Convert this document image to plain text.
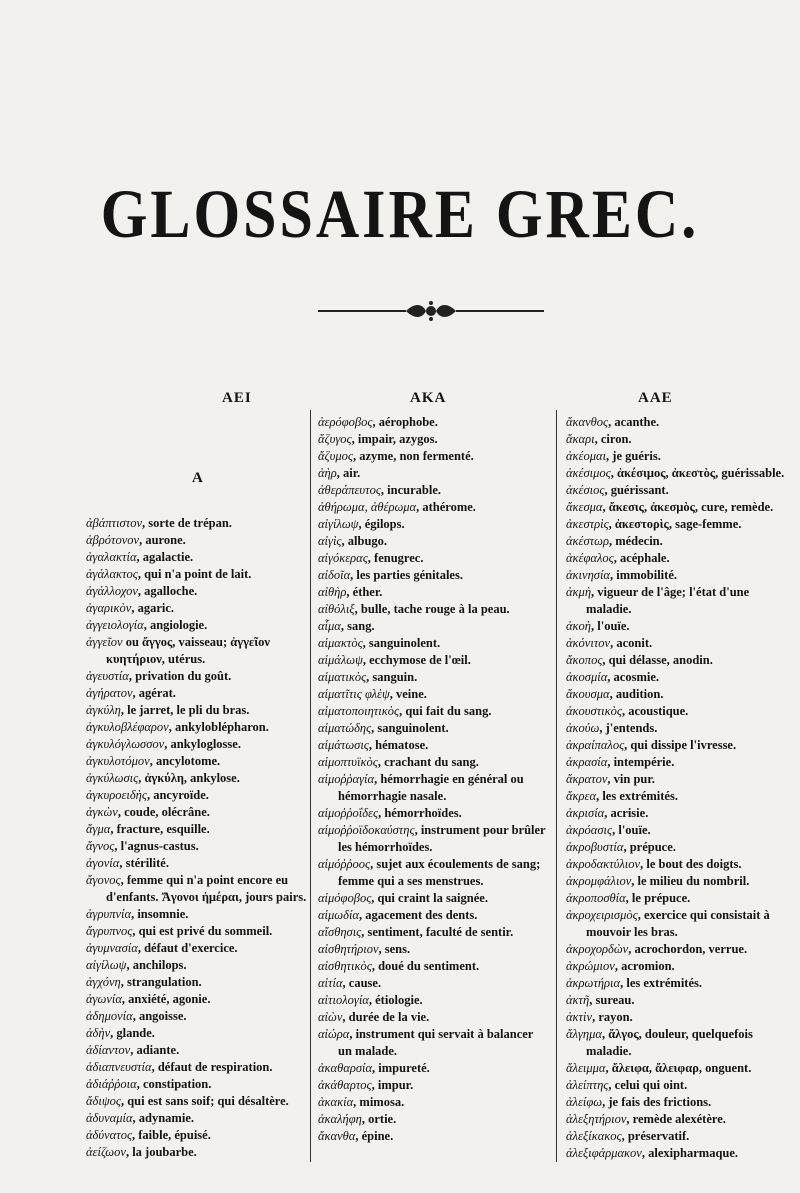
GLOSSAIRE GREC.
AEI	AKA	AAE
A
ἀβάπτιστον, sorte de trépan.
ἀβρότονον, aurone.
ἀγαλακτία, agalactie.
ἀγάλακτος, qui n'a point de lait.
ἀγάλλοχον, agalloche.
ἀγαρικὸν, agaric.
ἀγγειολογία, angiologie.
ἀγγεῖον ou ἄγγος, vaisseau; ἀγγεῖον κυητήριον, utérus.
ἀγευστία, privation du goût.
ἀγήρατον, agérat.
ἀγκύλη, le jarret, le pli du bras.
ἀγκυλοβλέφαρον, ankyloblépharon.
ἀγκυλόγλωσσον, ankyloglosse.
ἀγκυλοτόμον, ancylotome.
ἀγκύλωσις, ἀγκύλη, ankylose.
ἀγκυροειδὴς, ancyroïde.
ἀγκὼν, coude, olécrâne.
ἄγμα, fracture, esquille.
ἄγνος, l'agnus-castus.
ἀγονία, stérilité.
ἄγονος, femme qui n'a point encore eu d'enfants. Ἄγονοι ἡμέραι, jours pairs.
ἀγρυπνία, insomnie.
ἄγρυπνος, qui est privé du sommeil.
ἀγυμνασία, défaut d'exercice.
αἰγίλωψ, anchilops.
ἀγχόνη, strangulation.
ἀγωνία, anxiété, agonie.
ἀδημονία, angoisse.
ἀδὴν, glande.
ἀδίαντον, adiante.
ἀδιαπνευστία, défaut de respiration.
ἀδιάῤῥοια, constipation.
ἄδιψος, qui est sans soif; qui désaltère.
ἀδυναμία, adynamie.
ἀδύνατος, faible, épuisé.
ἀείζωον, la joubarbe.
ἀερόφοβος, aérophobe.
ἄζυγος, impair, azygos.
ἄζυμος, azyme, non fermenté.
ἀὴρ, air.
ἀθεράπευτος, incurable.
ἀθήρωμα, ἀθέρωμα, athérome.
αἰγίλωψ, égilops.
αἰγὶς, albugo.
αἰγόκερας, fenugrec.
αἰδοῖα, les parties génitales.
αἰθὴρ, éther.
αἰθόλιξ, bulle, tache rouge à la peau.
αἷμα, sang.
αἱμακτὸς, sanguinolent.
αἱμάλωψ, ecchymose de l'œil.
αἱματικὸς, sanguin.
αἱματῖτις φλὲψ, veine.
αἱματοποιητικὸς, qui fait du sang.
αἱματώδης, sanguinolent.
αἱμάτωσις, hématose.
αἱμοπτυϊκὸς, crachant du sang.
αἱμοῤῥαγία, hémorrhagie en général ou hémorrhagie nasale.
αἱμοῤῥοΐδες, hémorrhoïdes.
αἱμοῤῥοϊδοκαύστης, instrument pour brûler les hémorrhoïdes.
αἱμόῤῥοος, sujet aux écoulements de sang; femme qui a ses menstrues.
αἱμόφοβος, qui craint la saignée.
αἱμωδία, agacement des dents.
αἴσθησις, sentiment, faculté de sentir.
αἰσθητήριον, sens.
αἰσθητικὸς, doué du sentiment.
αἰτία, cause.
αἰτιολογία, étiologie.
αἰὼν, durée de la vie.
αἰώρα, instrument qui servait à balancer un malade.
ἀκαθαρσία, impureté.
ἀκάθαρτος, impur.
ἀκακία, mimosa.
ἀκαλήφη, ortie.
ἄκανθα, épine.
ἄκανθος, acanthe.
ἄκαρι, ciron.
ἀκέομαι, je guéris.
ἀκέσιμος, ἀκέσιμος, ἀκεστὸς, guérissable.
ἀκέσιος, guérissant.
ἄκεσμα, ἄκεσις, ἀκεσμὸς, cure, remède.
ἀκεστρὶς, ἀκεστορὶς, sage-femme.
ἀκέστωρ, médecin.
ἀκέφαλος, acéphale.
ἀκινησία, immobilité.
ἀκμὴ, vigueur de l'âge; l'état d'une maladie.
ἀκοὴ, l'ouïe.
ἀκόνιτον, aconit.
ἄκοπος, qui délasse, anodin.
ἀκοσμία, acosmie.
ἄκουσμα, audition.
ἀκουστικὸς, acoustique.
ἀκούω, j'entends.
ἀκραίπαλος, qui dissipe l'ivresse.
ἀκρασία, intempérie.
ἄκρατον, vin pur.
ἄκρεα, les extrémités.
ἀκρισία, acrisie.
ἀκρόασις, l'ouïe.
ἀκροβυστία, prépuce.
ἀκροδακτύλιον, le bout des doigts.
ἀκρομφάλιον, le milieu du nombril.
ἀκροποσθία, le prépuce.
ἀκροχειρισμὸς, exercice qui consistait à mouvoir les bras.
ἀκροχορδὼν, acrochordon, verrue.
ἀκρώμιον, acromion.
ἀκρωτήρια, les extrémités.
ἀκτῆ, sureau.
ἀκτὶν, rayon.
ἄλγημα, ἄλγος, douleur, quelquefois maladie.
ἄλειμμα, ἄλειφα, ἄλειφαρ, onguent.
ἀλείπτης, celui qui oint.
ἀλείφω, je fais des frictions.
ἀλεξητήριον, remède alexétère.
ἀλεξίκακος, préservatif.
ἀλεξιφάρμακον, alexipharmaque.
